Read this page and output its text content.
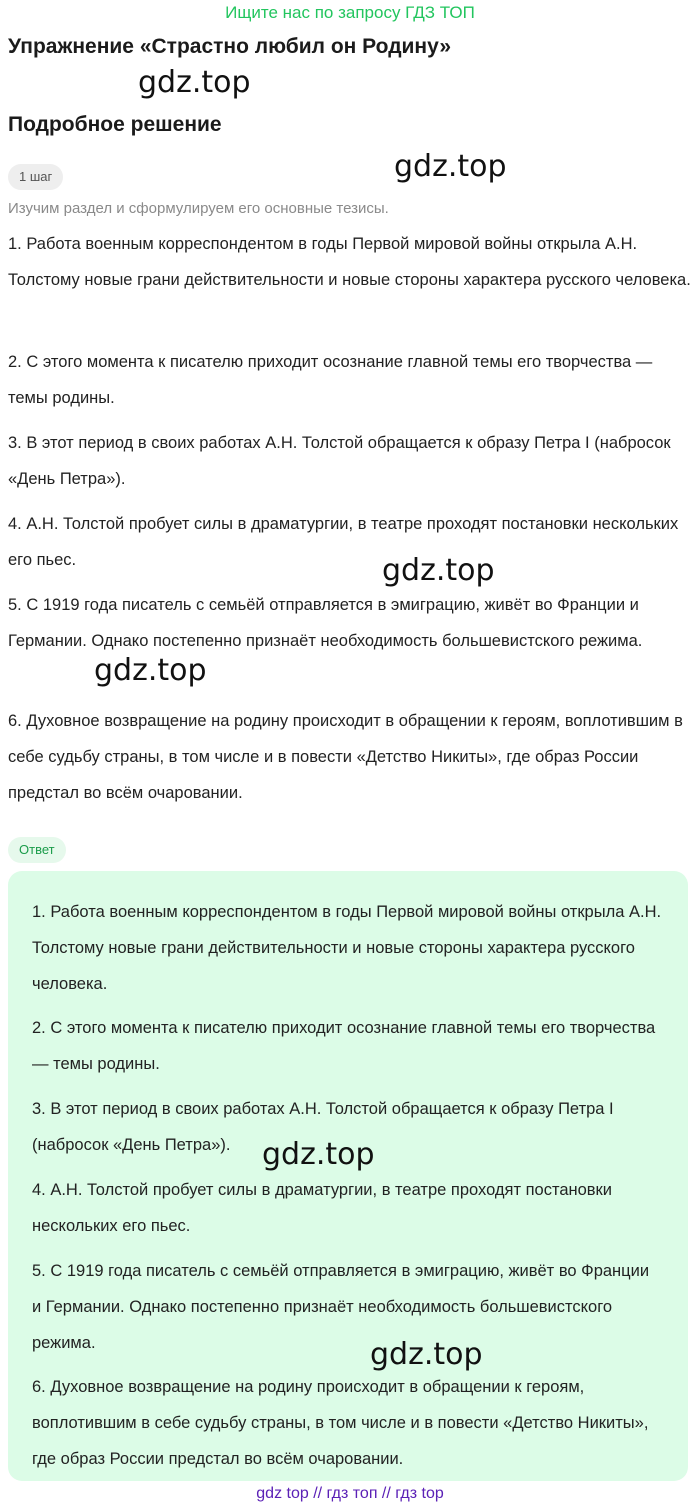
Ищите нас по запросу ГДЗ ТОП
Упражнение «Страстно любил он Родину»
Подробное решение
1 шаг

Изучим раздел и сформулируем его основные тезисы.

1. Работа военным корреспондентом в годы Первой мировой войны открыла А.Н. Толстому новые грани действительности и новые стороны характера русского человека.

2. С этого момента к писателю приходит осознание главной темы его творчества — темы родины.

3. В этот период в своих работах А.Н. Толстой обращается к образу Петра I (набросок «День Петра»).

4. А.Н. Толстой пробует силы в драматургии, в театре проходят постановки нескольких его пьес.

5. С 1919 года писатель с семьёй отправляется в эмиграцию, живёт во Франции и Германии. Однако постепенно признаёт необходимость большевистского режима.

6. Духовное возвращение на родину происходит в обращении к героям, воплотившим в себе судьбу страны, в том числе и в повести «Детство Никиты», где образ России предстал во всём очаровании.

Ответ

1. Работа военным корреспондентом в годы Первой мировой войны открыла А.Н. Толстому новые грани действительности и новые стороны характера русского человека.

2. С этого момента к писателю приходит осознание главной темы его творчества — темы родины.

3. В этот период в своих работах А.Н. Толстой обращается к образу Петра I (набросок «День Петра»).

4. А.Н. Толстой пробует силы в драматургии, в театре проходят постановки нескольких его пьес.

5. С 1919 года писатель с семьёй отправляется в эмиграцию, живёт во Франции и Германии. Однако постепенно признаёт необходимость большевистского режима.

6. Духовное возвращение на родину происходит в обращении к героям, воплотившим в себе судьбу страны, в том числе и в повести «Детство Никиты», где образ России предстал во всём очаровании.

gdz.top
gdz.top
gdz.top
gdz.top
gdz.top
gdz.top
gdz top // гдз топ // гдз top
